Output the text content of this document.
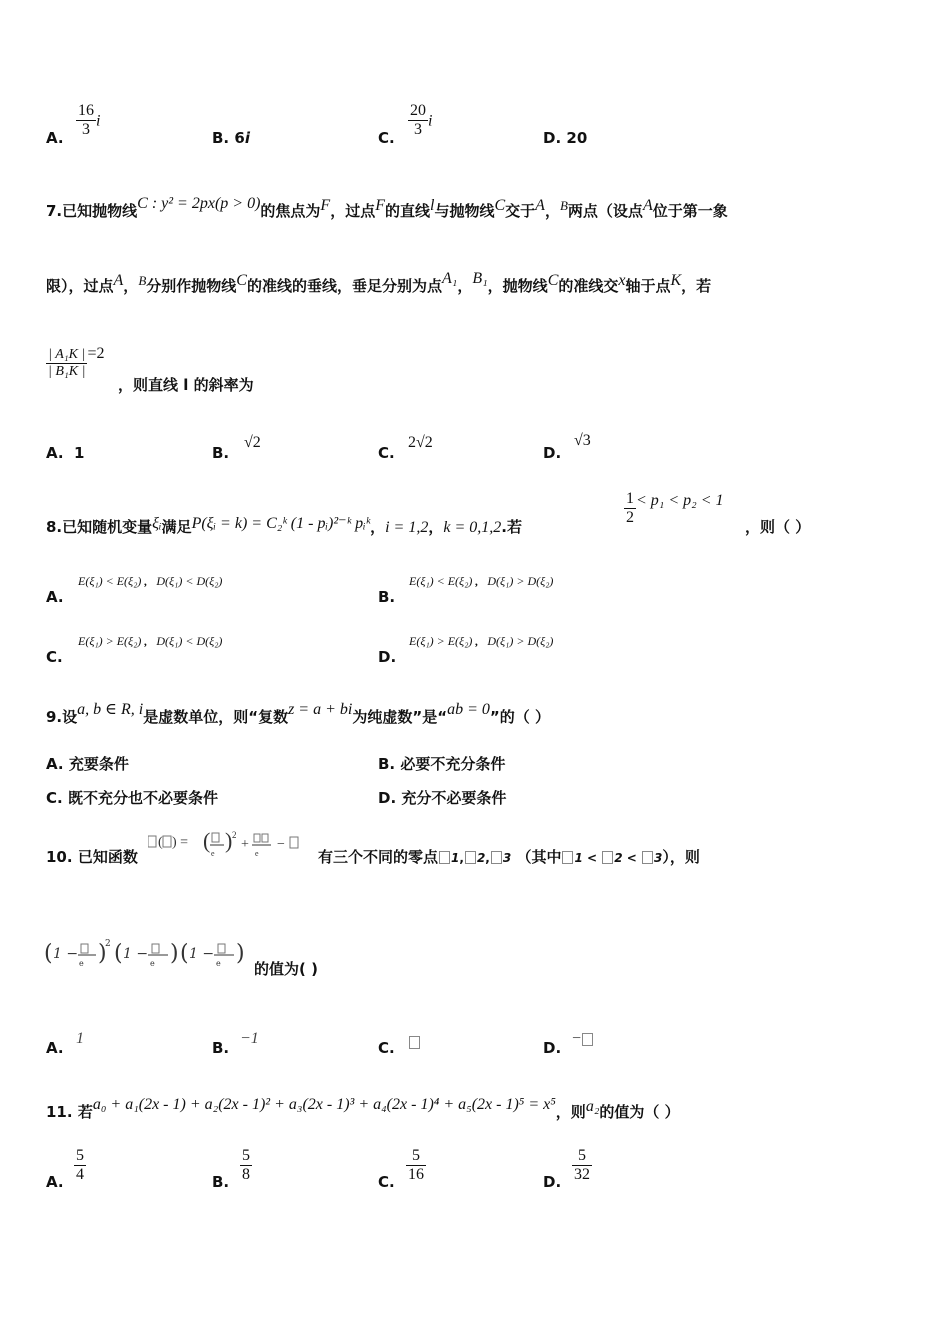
A. $\frac{16}{3}$ i
B. 6i	C. $\frac{20}{3}$ i
D. 20
7.已知抛物线C : y² = 2px(p > 0)的焦点为F，过点F的直线l与抛物线C交于A，B两点（设点A位于第一象
限），过点A，B分别作抛物线C的准线的垂线，垂足分别为点A₁，B₁，抛物线C的准线交x轴于点K，若
$\frac{\text{| A₁K |}}{\text{| B₁K |}} =2$
，则直线 l 的斜率为
A. 1	B.
√2
C.
2√2
D.
√3
8.已知随机变量ξᵢ满足P(ξᵢ = k) = C₂ᵏ (1 - pᵢ)²⁻ᵏ pᵢᵏ，i = 1,2，k = 0,1,2.若	$\frac{1}{2} < p_1 < p_2 < 1$
，则（ ）
A.
E(ξ₁) < E(ξ₂) , D(ξ₁) < D(ξ₂)
B.
E(ξ₁) < E(ξ₂) , D(ξ₁) > D(ξ₂)
C.
E(ξ₁) > E(ξ₂) , D(ξ₁) < D(ξ₂)
D.
E(ξ₁) > E(ξ₂) , D(ξ₁) > D(ξ₂)
9.设a, b ∈ R, i是虚数单位，则“复数z = a + bi为纯虚数”是“ab = 0”的（ ）
A. 充要条件	B. 必要不充分条件
C. 既不充分也不必要条件	D. 充分不必要条件
10. 已知函数
( ) = (
e
) 2
+
e
−
有三个不同的零点 1, 2, 3 （其中 1 < 2 < 3），则
( 1 −
e )
2 ( 1 −
e ) ( 1 −
e )
的值为( )
A.
1
B.
−1
C.	D.
−
11. 若a₀ + a₁(2x - 1) + a₂(2x - 1)² + a₃(2x - 1)³ + a₄(2x - 1)⁴ + a₅(2x - 1)⁵ = x⁵，则a₂的值为（ ）
A. $\frac{5}{4}$	B. $\frac{5}{8}$	C. $\frac{5}{16}$	D. $\frac{5}{32}$
